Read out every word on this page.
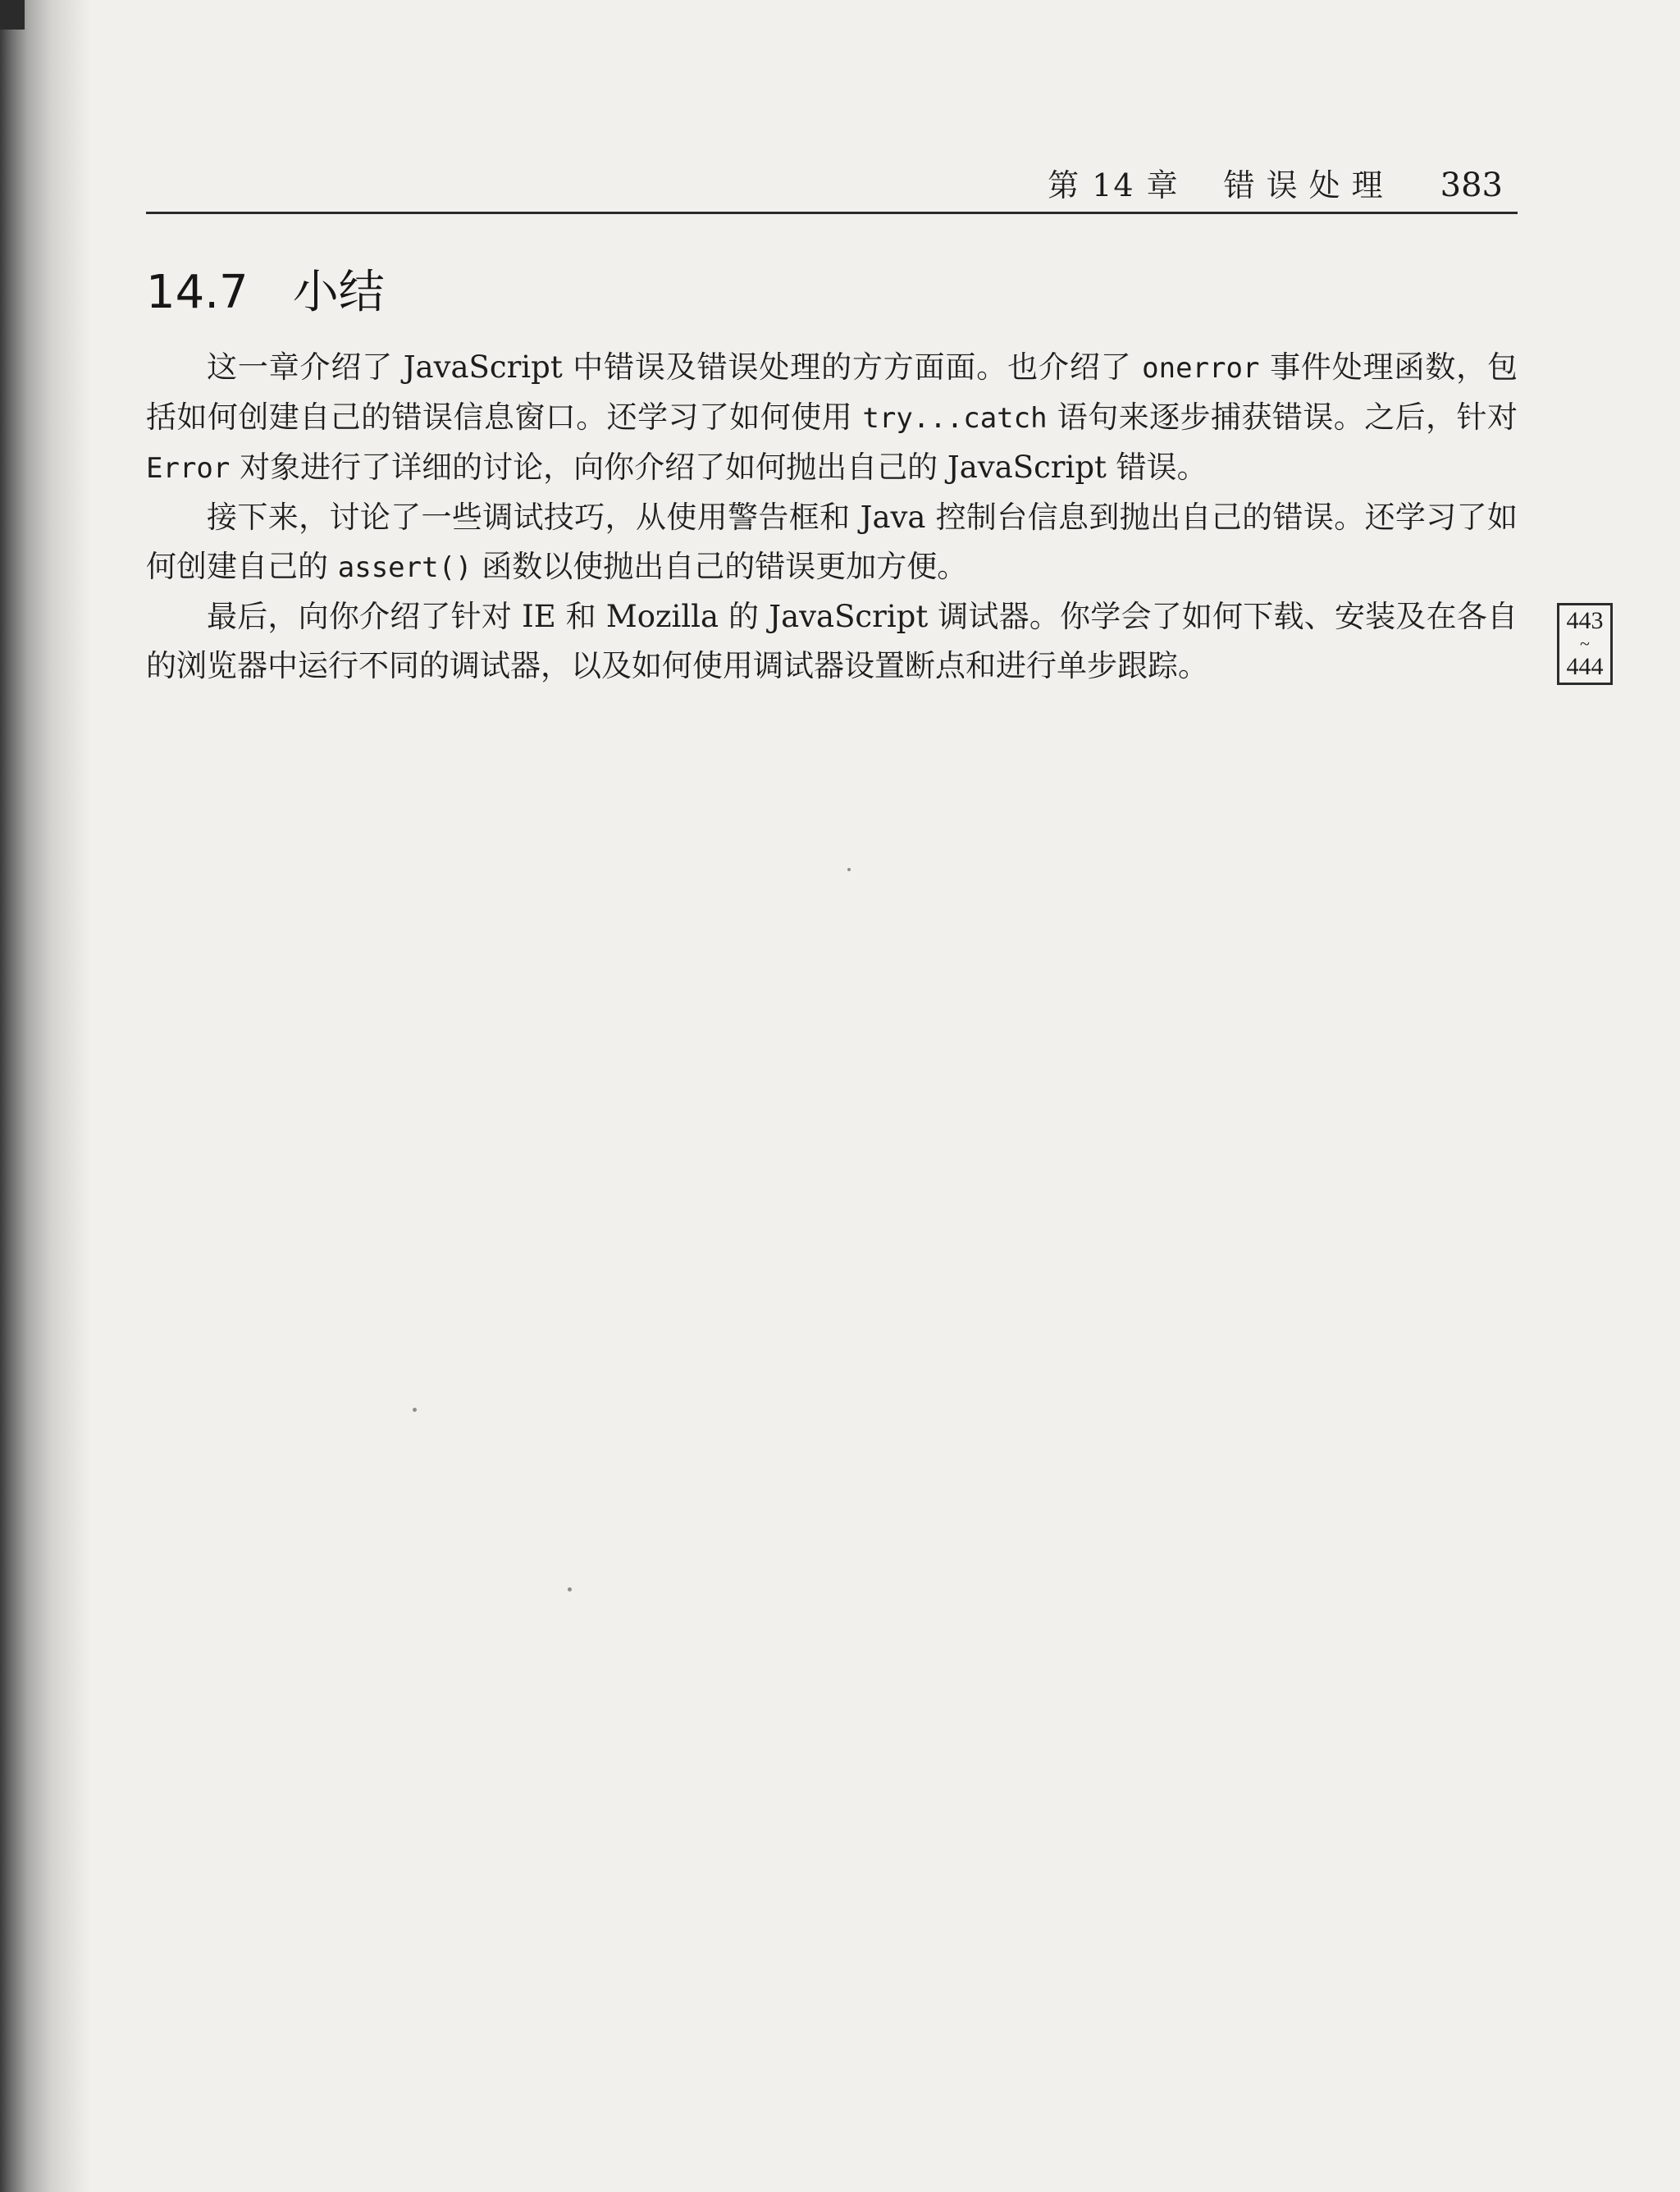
第 14 章 错误处理 383
14.7 小结

这一章介绍了 JavaScript 中错误及错误处理的方方面面。也介绍了 onerror 事件处理函数，包括如何创建自己的错误信息窗口。还学习了如何使用 try...catch 语句来逐步捕获错误。之后，针对 Error 对象进行了详细的讨论，向你介绍了如何抛出自己的 JavaScript 错误。

接下来，讨论了一些调试技巧，从使用警告框和 Java 控制台信息到抛出自己的错误。还学习了如何创建自己的 assert() 函数以使抛出自己的错误更加方便。

最后，向你介绍了针对 IE 和 Mozilla 的 JavaScript 调试器。你学会了如何下载、安装及在各自的浏览器中运行不同的调试器，以及如何使用调试器设置断点和进行单步跟踪。

443
~
444
